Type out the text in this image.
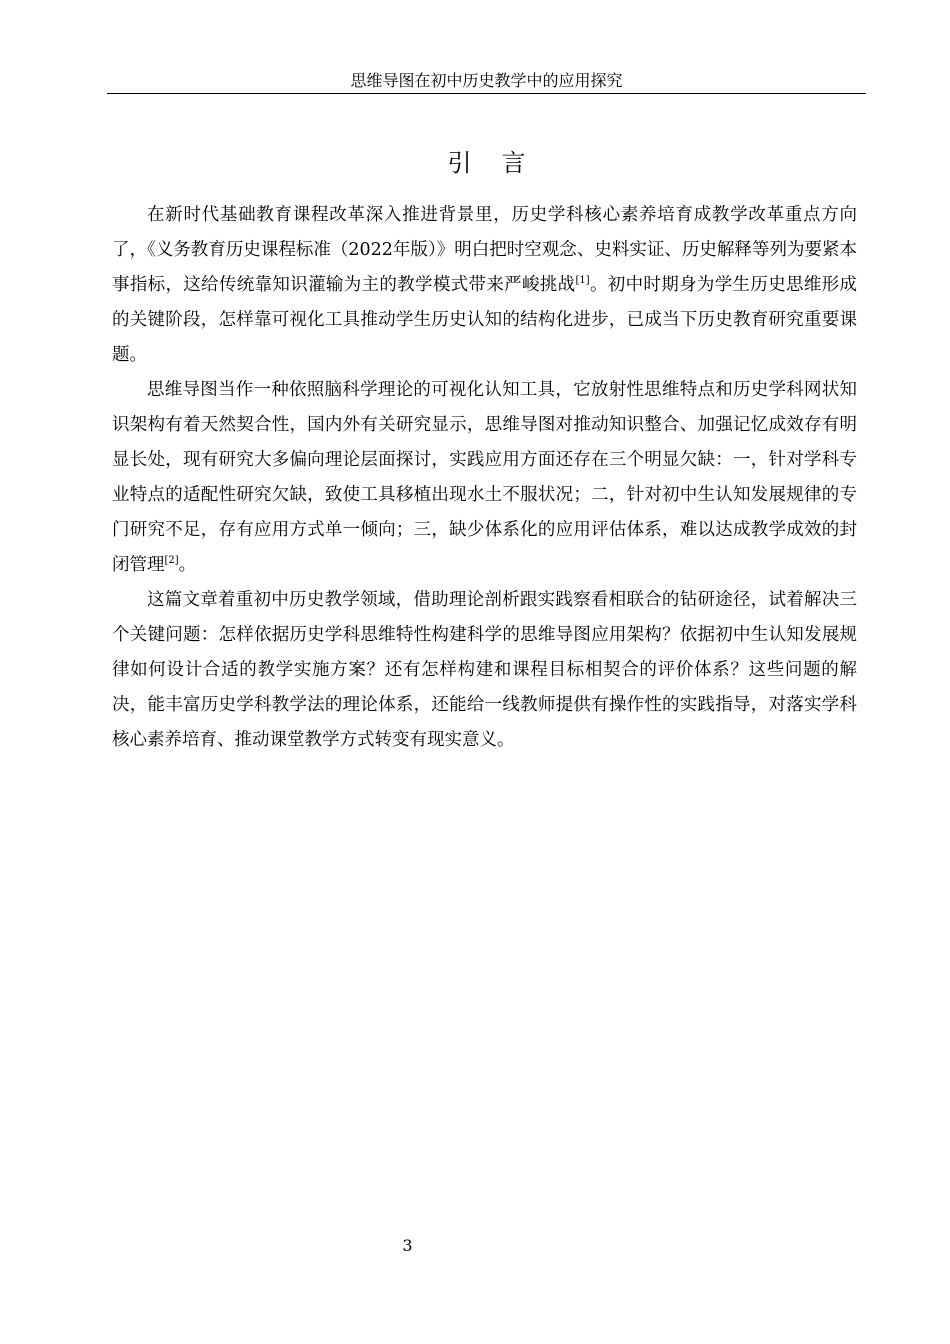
思维导图在初中历史教学中的应用探究
引言

在新时代基础教育课程改革深入推进背景里，历史学科核心素养培育成教学改革重点方向了，《义务教育历史课程标准（2022年版）》明白把时空观念、史料实证、历史解释等列为要紧本事指标，这给传统靠知识灌输为主的教学模式带来严峻挑战[1]。初中时期身为学生历史思维形成的关键阶段，怎样靠可视化工具推动学生历史认知的结构化进步，已成当下历史教育研究重要课题。

思维导图当作一种依照脑科学理论的可视化认知工具，它放射性思维特点和历史学科网状知识架构有着天然契合性，国内外有关研究显示，思维导图对推动知识整合、加强记忆成效存有明显长处，现有研究大多偏向理论层面探讨，实践应用方面还存在三个明显欠缺：一，针对学科专业特点的适配性研究欠缺，致使工具移植出现水土不服状况；二，针对初中生认知发展规律的专门研究不足，存有应用方式单一倾向；三，缺少体系化的应用评估体系，难以达成教学成效的封闭管理[2]。

这篇文章着重初中历史教学领域，借助理论剖析跟实践察看相联合的钻研途径，试着解决三个关键问题：怎样依据历史学科思维特性构建科学的思维导图应用架构？依据初中生认知发展规律如何设计合适的教学实施方案？还有怎样构建和课程目标相契合的评价体系？这些问题的解决，能丰富历史学科教学法的理论体系，还能给一线教师提供有操作性的实践指导，对落实学科核心素养培育、推动课堂教学方式转变有现实意义。

3
